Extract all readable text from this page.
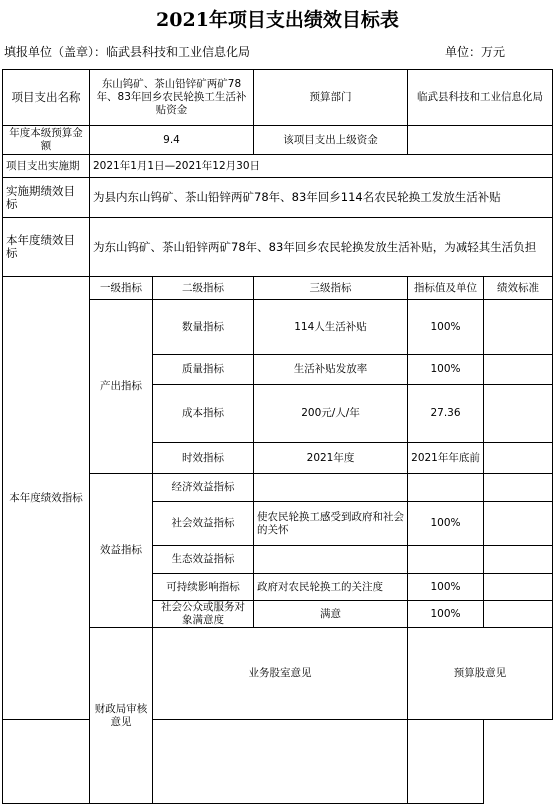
2021年项目支出绩效目标表
填报单位（盖章）：临武县科技和工业信息化局	单位：万元
项目支出名称	东山钨矿、茶山铅锌矿两矿78年、83年回乡农民轮换工生活补贴资金		预算部门	临武县科技和工业信息化局		
年度本级预算金额	9.4		该项目支出上级资金			
项目支出实施期	2021年1月1日—2021年12月30日					
实施期绩效目标	为县内东山钨矿、茶山铅锌两矿78年、83年回乡114名农民轮换工发放生活补贴					
本年度绩效目标	为东山钨矿、茶山铅锌两矿78年、83年回乡农民轮换发放生活补贴，为减轻其生活负担					
本年度绩效指标	一级指标	二级指标	三级指标	指标值及单位	绩效标准	
	产出指标	数量指标	114人生活补贴	100%		
		质量指标	生活补贴发放率	100%		
		成本指标	200元/人/年	27.36		
		时效指标	2021年度	2021年年底前		
	效益指标	经济效益指标				
		社会效益指标	使农民轮换工感受到政府和社会的关怀	100%		
		生态效益指标				
		可持续影响指标	政府对农民轮换工的关注度	100%		
		社会公众或服务对象满意度	满意	100%		
	财政局审核意见	业务股室意见		预算股意见	
